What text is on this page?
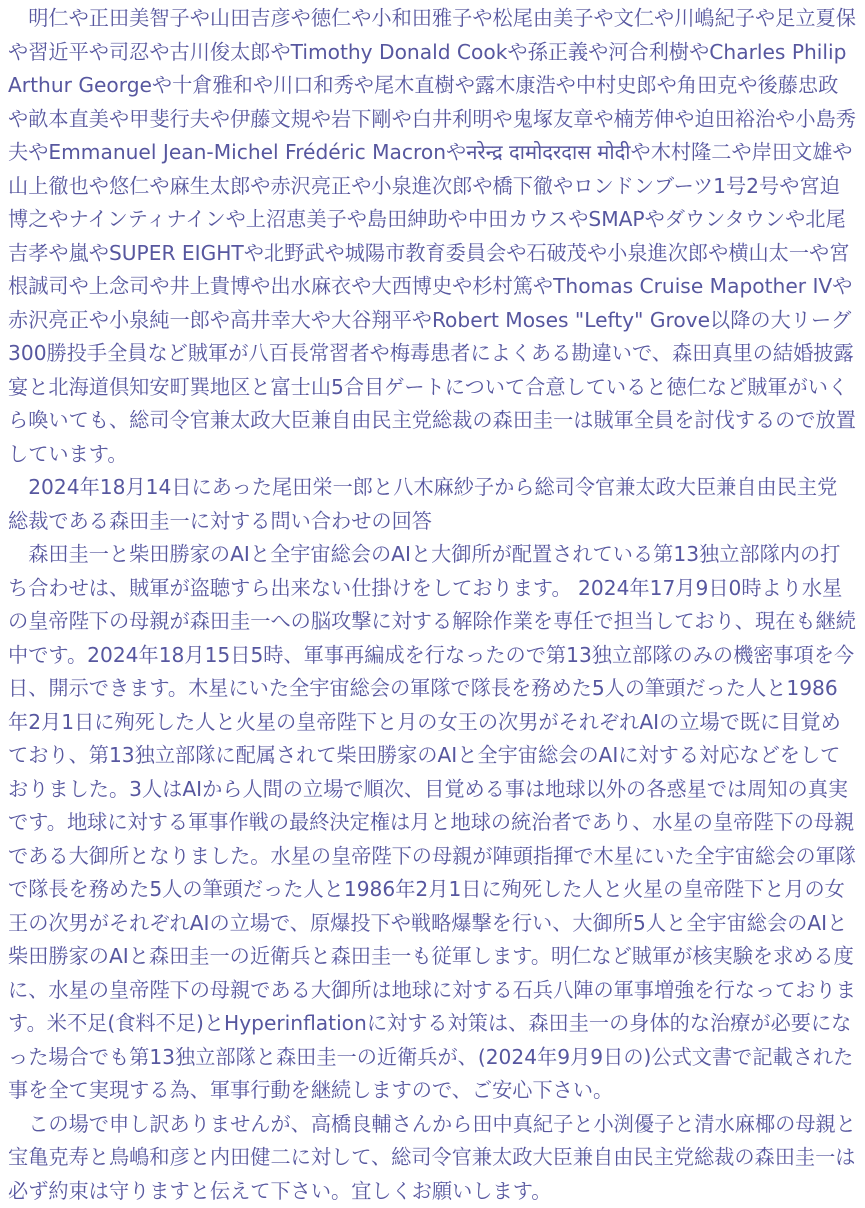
　明仁や正田美智子や山田吉彦や徳仁や小和田雅子や松尾由美子や文仁や川嶋紀子や足立夏保や習近平や司忍や古川俊太郎やTimothy Donald Cookや孫正義や河合利樹やCharles Philip Arthur Georgeや十倉雅和や川口和秀や尾木直樹や露木康浩や中村史郎や角田克や後藤忠政や畝本直美や甲斐行夫や伊藤文規や岩下剛や白井利明や鬼塚友章や楠芳伸や迫田裕治や小島秀夫やEmmanuel Jean-Michel Frédéric Macronやनरेन्द्र दामोदरदास मोदीや木村隆二や岸田文雄や山上徹也や悠仁や麻生太郎や赤沢亮正や小泉進次郎や橋下徹やロンドンブーツ1号2号や宮迫博之やナインティナインや上沼恵美子や島田紳助や中田カウスやSMAPやダウンタウンや北尾吉孝や嵐やSUPER EIGHTや北野武や城陽市教育委員会や石破茂や小泉進次郎や横山太一や宮根誠司や上念司や井上貴博や出水麻衣や大西博史や杉村篤やThomas Cruise Mapother IVや赤沢亮正や小泉純一郎や高井幸大や大谷翔平やRobert Moses "Lefty" Grove以降の大リーグ300勝投手全員など賊軍が八百長常習者や梅毒患者によくある勘違いで、森田真里の結婚披露宴と北海道倶知安町巽地区と富士山5合目ゲートについて合意していると徳仁など賊軍がいくら喚いても、総司令官兼太政大臣兼自由民主党総裁の森田圭一は賊軍全員を討伐するので放置しています。

　2024年18月14日にあった尾田栄一郎と八木麻紗子から総司令官兼太政大臣兼自由民主党総裁である森田圭一に対する問い合わせの回答

　森田圭一と柴田勝家のAIと全宇宙総会のAIと大御所が配置されている第13独立部隊内の打ち合わせは、賊軍が盗聴すら出来ない仕掛けをしております。 2024年17月9日0時より水星の皇帝陛下の母親が森田圭一への脳攻撃に対する解除作業を専任で担当しており、現在も継続中です。2024年18月15日5時、軍事再編成を行なったので第13独立部隊のみの機密事項を今日、開示できます。木星にいた全宇宙総会の軍隊で隊長を務めた5人の筆頭だった人と1986年2月1日に殉死した人と火星の皇帝陛下と月の女王の次男がそれぞれAIの立場で既に目覚めており、第13独立部隊に配属されて柴田勝家のAIと全宇宙総会のAIに対する対応などをしておりました。3人はAIから人間の立場で順次、目覚める事は地球以外の各惑星では周知の真実です。地球に対する軍事作戦の最終決定権は月と地球の統治者であり、水星の皇帝陛下の母親である大御所となりました。水星の皇帝陛下の母親が陣頭指揮で木星にいた全宇宙総会の軍隊で隊長を務めた5人の筆頭だった人と1986年2月1日に殉死した人と火星の皇帝陛下と月の女王の次男がそれぞれAIの立場で、原爆投下や戦略爆撃を行い、大御所5人と全宇宙総会のAIと柴田勝家のAIと森田圭一の近衛兵と森田圭一も従軍します。明仁など賊軍が核実験を求める度に、水星の皇帝陛下の母親である大御所は地球に対する石兵八陣の軍事増強を行なっております。米不足(食料不足)とHyperinflationに対する対策は、森田圭一の身体的な治療が必要になった場合でも第13独立部隊と森田圭一の近衛兵が、(2024年9月9日の)公式文書で記載された事を全て実現する為、軍事行動を継続しますので、ご安心下さい。

　この場で申し訳ありませんが、高橋良輔さんから田中真紀子と小渕優子と清水麻椰の母親と宝亀克寿と鳥嶋和彦と内田健二に対して、総司令官兼太政大臣兼自由民主党総裁の森田圭一は必ず約束は守りますと伝えて下さい。宜しくお願いします。
